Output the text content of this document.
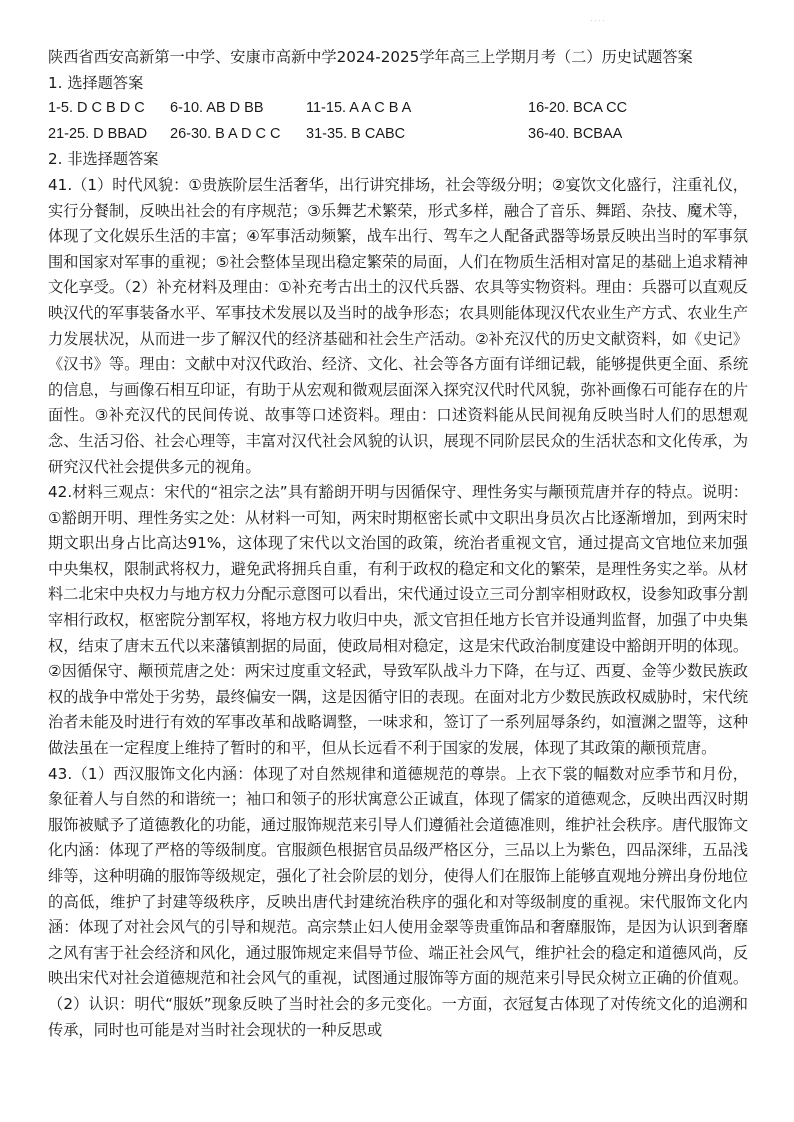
陕西省西安高新第一中学、安康市高新中学2024-2025学年高三上学期月考（二）历史试题答案

1. 选择题答案

1-5. D C B D C	6-10. AB D BB	11-15. A A C B A	16-20. BCA CC
21-25. D BBAD	26-30. B A D C C	31-35. B CABC	36-40. BCBAA

2. 非选择题答案

41.（1）时代风貌：①贵族阶层生活奢华，出行讲究排场，社会等级分明；②宴饮文化盛行，注重礼仪，实行分餐制，反映出社会的有序规范；③乐舞艺术繁荣，形式多样，融合了音乐、舞蹈、杂技、魔术等，体现了文化娱乐生活的丰富；④军事活动频繁，战车出行、驾车之人配备武器等场景反映出当时的军事氛围和国家对军事的重视；⑤社会整体呈现出稳定繁荣的局面，人们在物质生活相对富足的基础上追求精神文化享受。（2）补充材料及理由：①补充考古出土的汉代兵器、农具等实物资料。理由：兵器可以直观反映汉代的军事装备水平、军事技术发展以及当时的战争形态；农具则能体现汉代农业生产方式、农业生产力发展状况，从而进一步了解汉代的经济基础和社会生产活动。②补充汉代的历史文献资料，如《史记》《汉书》等。理由：文献中对汉代政治、经济、文化、社会等各方面有详细记载，能够提供更全面、系统的信息，与画像石相互印证，有助于从宏观和微观层面深入探究汉代时代风貌，弥补画像石可能存在的片面性。③补充汉代的民间传说、故事等口述资料。理由：口述资料能从民间视角反映当时人们的思想观念、生活习俗、社会心理等，丰富对汉代社会风貌的认识，展现不同阶层民众的生活状态和文化传承，为研究汉代社会提供多元的视角。

42.材料三观点：宋代的“祖宗之法”具有豁朗开明与因循保守、理性务实与颟顸荒唐并存的特点。说明：①豁朗开明、理性务实之处：从材料一可知，两宋时期枢密长贰中文职出身员次占比逐渐增加，到两宋时期文职出身占比高达91%，这体现了宋代以文治国的政策，统治者重视文官，通过提高文官地位来加强中央集权，限制武将权力，避免武将拥兵自重，有利于政权的稳定和文化的繁荣，是理性务实之举。从材料二北宋中央权力与地方权力分配示意图可以看出，宋代通过设立三司分割宰相财政权，设参知政事分割宰相行政权，枢密院分割军权，将地方权力收归中央，派文官担任地方长官并设通判监督，加强了中央集权，结束了唐末五代以来藩镇割据的局面，使政局相对稳定，这是宋代政治制度建设中豁朗开明的体现。②因循保守、颟顸荒唐之处：两宋过度重文轻武，导致军队战斗力下降，在与辽、西夏、金等少数民族政权的战争中常处于劣势，最终偏安一隅，这是因循守旧的表现。在面对北方少数民族政权威胁时，宋代统治者未能及时进行有效的军事改革和战略调整，一味求和，签订了一系列屈辱条约，如澶渊之盟等，这种做法虽在一定程度上维持了暂时的和平，但从长远看不利于国家的发展，体现了其政策的颟顸荒唐。

43.（1）西汉服饰文化内涵：体现了对自然规律和道德规范的尊崇。上衣下裳的幅数对应季节和月份，象征着人与自然的和谐统一；袖口和领子的形状寓意公正诚直，体现了儒家的道德观念，反映出西汉时期服饰被赋予了道德教化的功能，通过服饰规范来引导人们遵循社会道德准则，维护社会秩序。唐代服饰文化内涵：体现了严格的等级制度。官服颜色根据官员品级严格区分，三品以上为紫色，四品深绯，五品浅绯等，这种明确的服饰等级规定，强化了社会阶层的划分，使得人们在服饰上能够直观地分辨出身份地位的高低，维护了封建等级秩序，反映出唐代封建统治秩序的强化和对等级制度的重视。宋代服饰文化内涵：体现了对社会风气的引导和规范。高宗禁止妇人使用金翠等贵重饰品和奢靡服饰，是因为认识到奢靡之风有害于社会经济和风化，通过服饰规定来倡导节俭、端正社会风气，维护社会的稳定和道德风尚，反映出宋代对社会道德规范和社会风气的重视，试图通过服饰等方面的规范来引导民众树立正确的价值观。（2）认识：明代“服妖”现象反映了当时社会的多元变化。一方面，衣冠复古体现了对传统文化的追溯和传承，同时也可能是对当时社会现状的一种反思或
